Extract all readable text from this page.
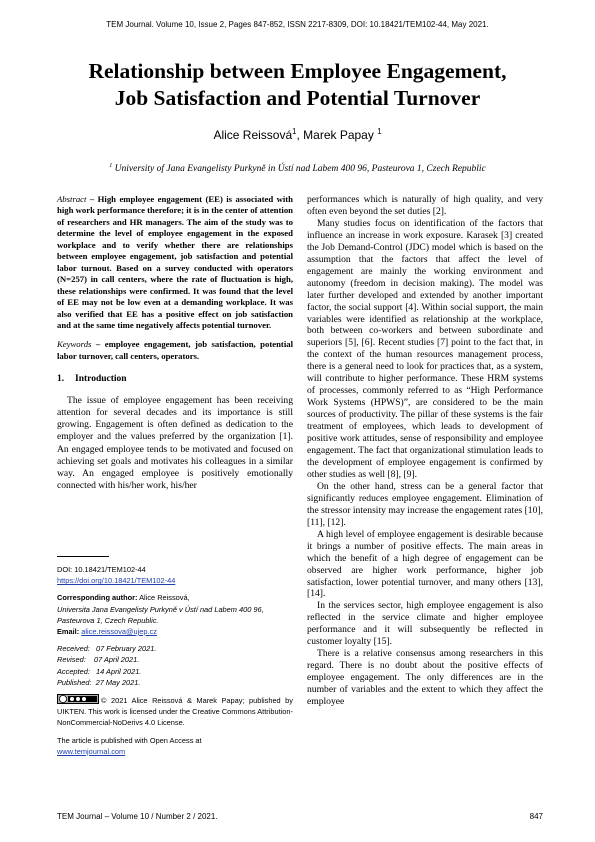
TEM Journal. Volume 10, Issue 2, Pages 847-852, ISSN 2217-8309, DOI: 10.18421/TEM102-44, May 2021.
Relationship between Employee Engagement,
Job Satisfaction and Potential Turnover
Alice Reissová$^1$, Marek Papay $^1$
$^1$ University of Jana Evangelisty Purkyně in Ústí nad Labem 400 96, Pasteurova 1, Czech Republic

Abstract – High employee engagement (EE) is associated with high work performance therefore; it is in the center of attention of researchers and HR managers. The aim of the study was to determine the level of employee engagement in the exposed workplace and to verify whether there are relationships between employee engagement, job satisfaction and potential labor turnout. Based on a survey conducted with operators (N=257) in call centers, where the rate of fluctuation is high, these relationships were confirmed. It was found that the level of EE may not be low even at a demanding workplace. It was also verified that EE has a positive effect on job satisfaction and at the same time negatively affects potential turnover.

Keywords – employee engagement, job satisfaction, potential labor turnover, call centers, operators.

1. Introduction

The issue of employee engagement has been receiving attention for several decades and its importance is still growing. Engagement is often defined as dedication to the employer and the values preferred by the organization [1]. An engaged employee tends to be motivated and focused on achieving set goals and motivates his colleagues in a similar way. An engaged employee is positively emotionally connected with his/her work, his/her

DOI: 10.18421/TEM102-44

https://doi.org/10.18421/TEM102-44

Corresponding author: Alice Reissová,

Universita Jana Evangelisty Purkyně v Ústí nad Labem 400 96, Pasteurova 1, Czech Republic.

Email: alice.reissova@ujep.cz

Received:   07 February 2021.

Revised:    07 April 2021.

Accepted:   14 April 2021.

Published:  27 May 2021.

© 2021 Alice Reissová & Marek Papay; published by UIKTEN. This work is licensed under the Creative Commons Attribution-NonCommercial-NoDerivs 4.0 License.

The article is published with Open Access at

www.temjournal.com

performances which is naturally of high quality, and very often even beyond the set duties [2].

Many studies focus on identification of the factors that influence an increase in work exposure. Karasek [3] created the Job Demand-Control (JDC) model which is based on the assumption that the factors that affect the level of engagement are mainly the working environment and autonomy (freedom in decision making). The model was later further developed and extended by another important factor, the social support [4]. Within social support, the main variables were identified as relationship at the workplace, both between co-workers and between subordinate and superiors [5], [6]. Recent studies [7] point to the fact that, in the context of the human resources management process, there is a general need to look for practices that, as a system, will contribute to higher performance. These HRM systems of processes, commonly referred to as “High Performance Work Systems (HPWS)”, are considered to be the main sources of productivity. The pillar of these systems is the fair treatment of employees, which leads to development of positive work attitudes, sense of responsibility and employee engagement. The fact that organizational stimulation leads to the development of employee engagement is confirmed by other studies as well [8], [9].

On the other hand, stress can be a general factor that significantly reduces employee engagement. Elimination of the stressor intensity may increase the engagement rates [10], [11], [12].

A high level of employee engagement is desirable because it brings a number of positive effects. The main areas in which the benefit of a high degree of engagement can be observed are higher work performance, higher job satisfaction, lower potential turnover, and many others [13], [14].

In the services sector, high employee engagement is also reflected in the service climate and higher employee performance and it will subsequently be reflected in customer loyalty [15].

There is a relative consensus among researchers in this regard. There is no doubt about the positive effects of employee engagement. The only differences are in the number of variables and the extent to which they affect the employee

TEM Journal – Volume 10 / Number 2 / 2021.	847
